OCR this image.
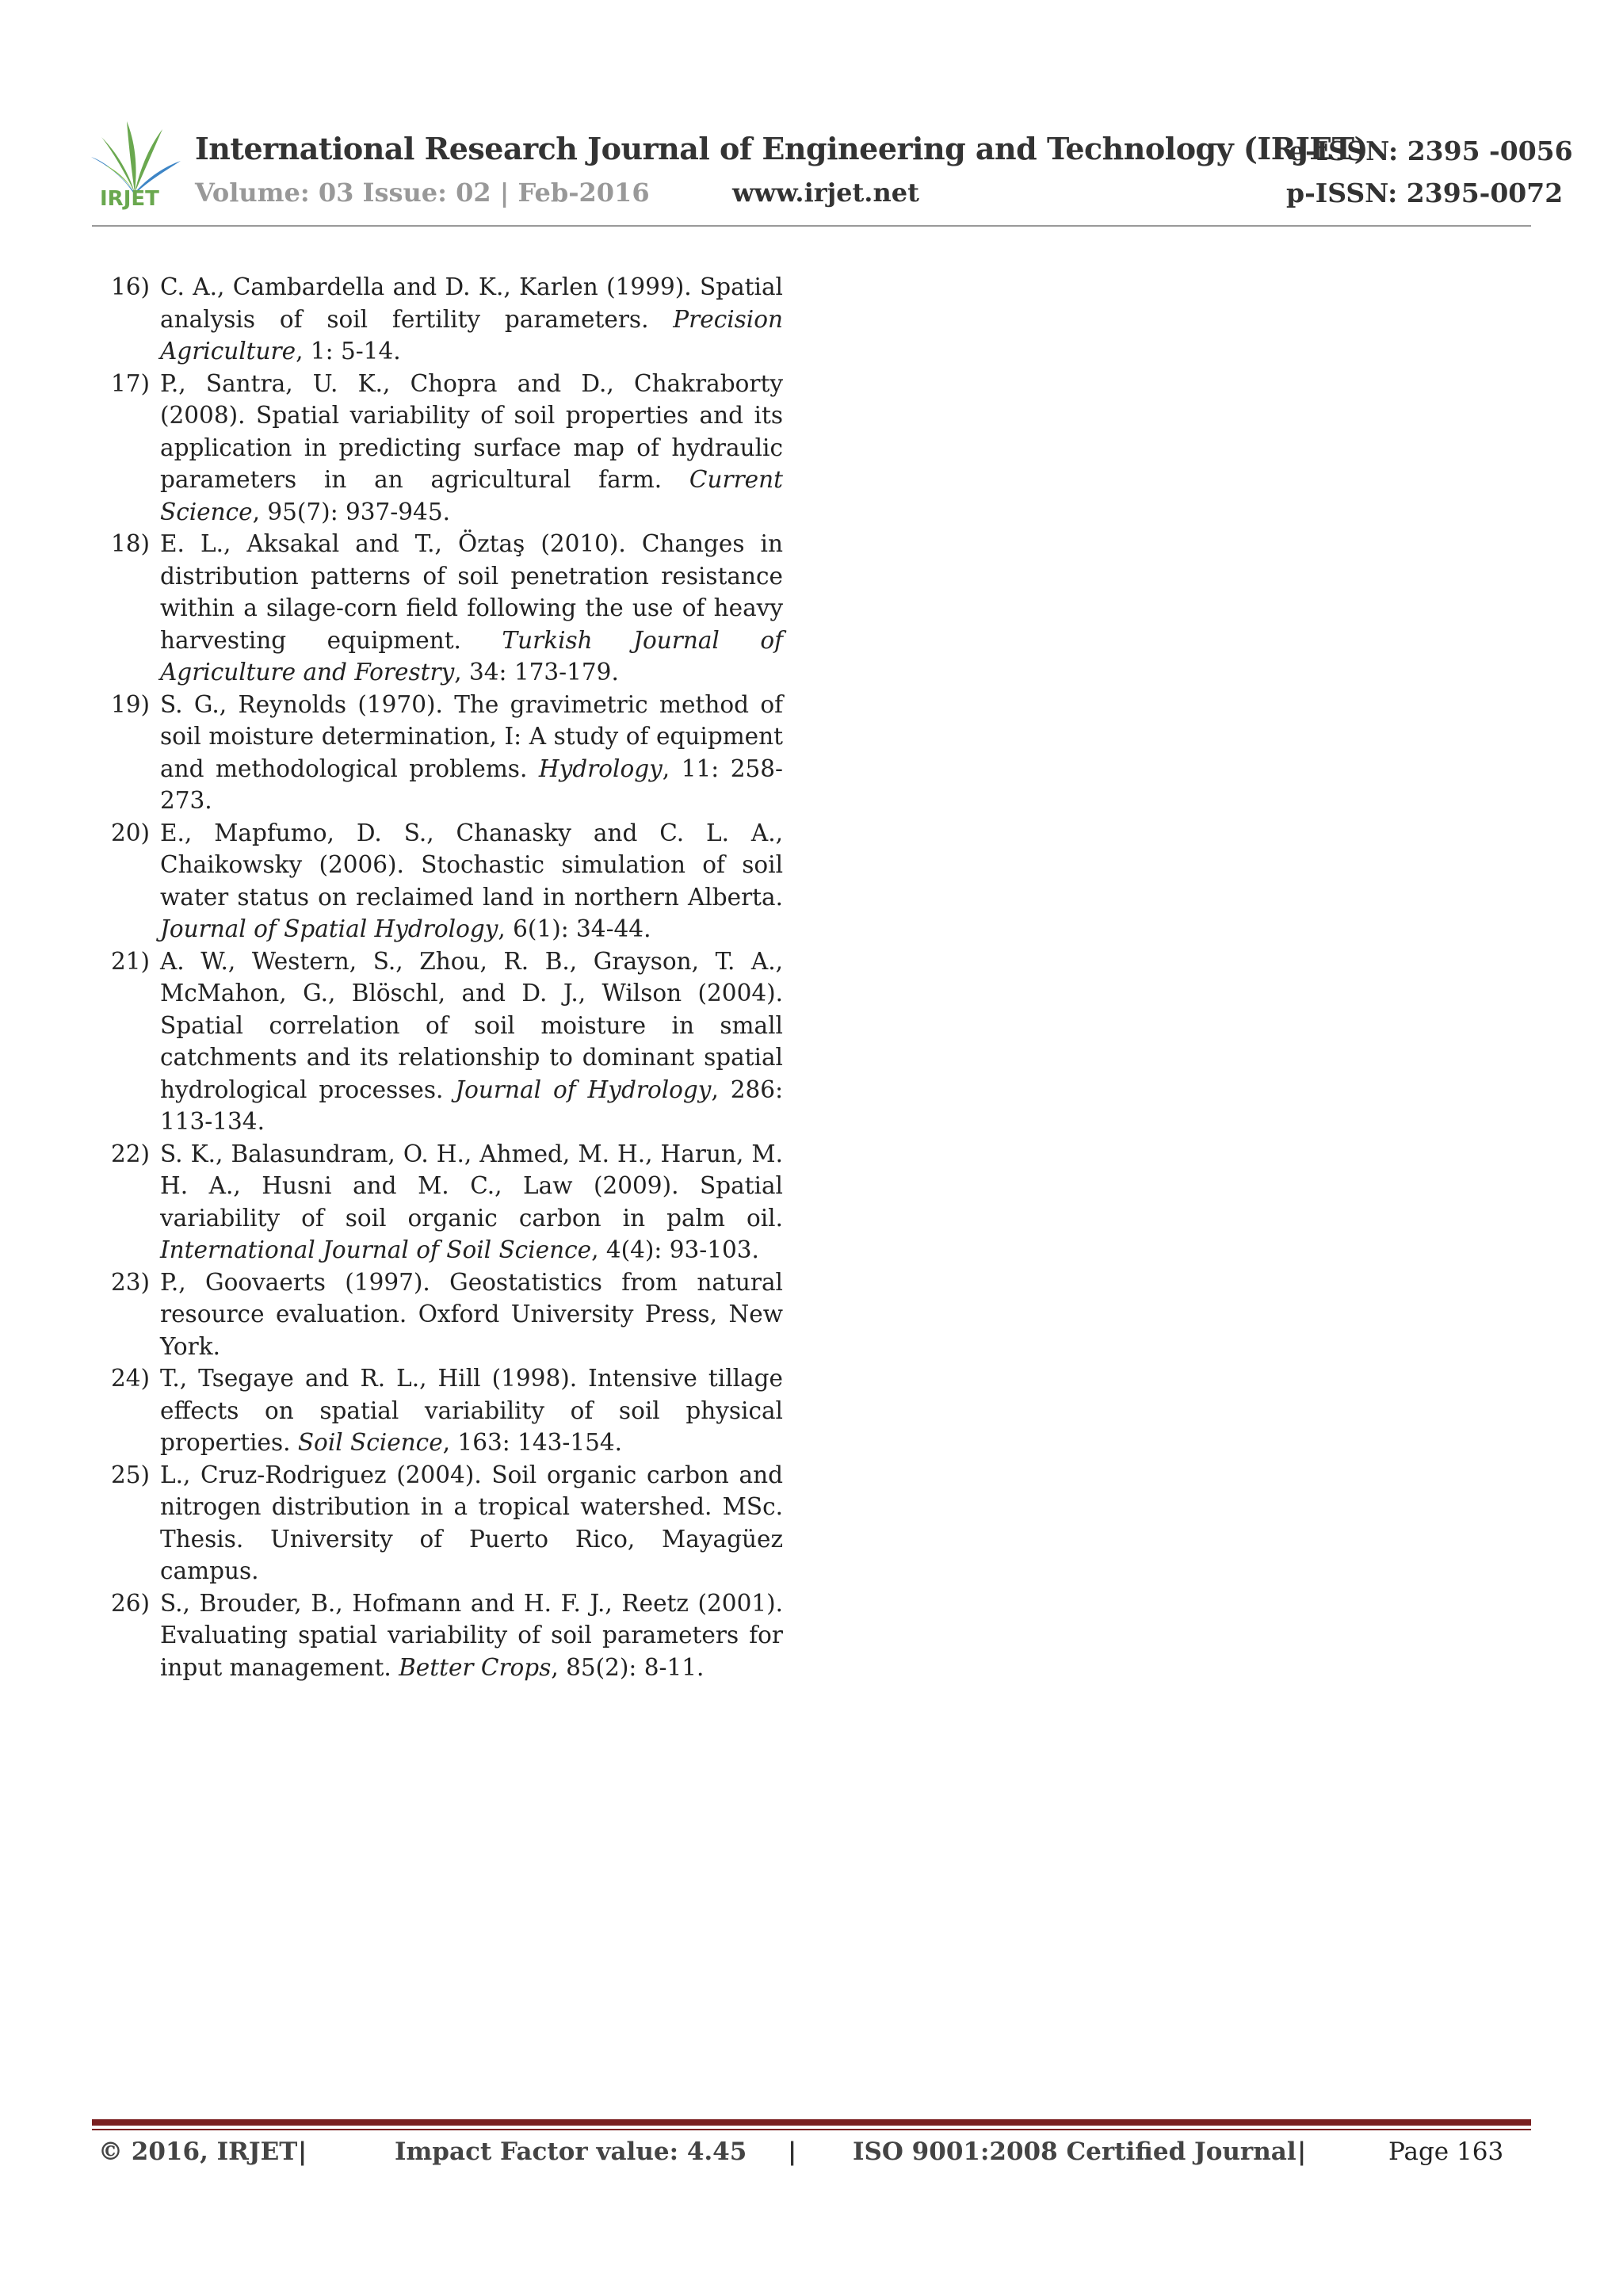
IRJET
International Research Journal of Engineering and Technology (IRJET)
e-ISSN: 2395 -0056
Volume: 03 Issue: 02 | Feb-2016	www.irjet.net	p-ISSN: 2395-0072
16) C. A., Cambardella and D. K., Karlen (1999). Spatial analysis of soil fertility parameters. Precision Agriculture, 1: 5-14.
17) P., Santra, U. K., Chopra and D., Chakraborty (2008). Spatial variability of soil properties and its application in predicting surface map of hydraulic parameters in an agricultural farm. Current Science, 95(7): 937-945.
18) E. L., Aksakal and T., Öztaş (2010). Changes in distribution patterns of soil penetration resistance within a silage-corn field following the use of heavy harvesting equipment. Turkish Journal of Agriculture and Forestry, 34: 173-179.
19) S. G., Reynolds (1970). The gravimetric method of soil moisture determination, I: A study of equipment and methodological problems. Hydrology, 11: 258-273.
20) E., Mapfumo, D. S., Chanasky and C. L. A., Chaikowsky (2006). Stochastic simulation of soil water status on reclaimed land in northern Alberta. Journal of Spatial Hydrology, 6(1): 34-44.
21) A. W., Western, S., Zhou, R. B., Grayson, T. A., McMahon, G., Blöschl, and D. J., Wilson (2004). Spatial correlation of soil moisture in small catchments and its relationship to dominant spatial hydrological processes. Journal of Hydrology, 286: 113-134.
22) S. K., Balasundram, O. H., Ahmed, M. H., Harun, M. H. A., Husni and M. C., Law (2009). Spatial variability of soil organic carbon in palm oil. International Journal of Soil Science, 4(4): 93-103.
23) P., Goovaerts (1997). Geostatistics from natural resource evaluation. Oxford University Press, New York.
24) T., Tsegaye and R. L., Hill (1998). Intensive tillage effects on spatial variability of soil physical properties. Soil Science, 163: 143-154.
25) L., Cruz-Rodriguez (2004). Soil organic carbon and nitrogen distribution in a tropical watershed. MSc. Thesis. University of Puerto Rico, Mayagüez campus.
26) S., Brouder, B., Hofmann and H. F. J., Reetz (2001). Evaluating spatial variability of soil parameters for input management. Better Crops, 85(2): 8-11.
© 2016, IRJET |	Impact Factor value: 4.45 | ISO 9001:2008 Certified Journal |	Page 163
